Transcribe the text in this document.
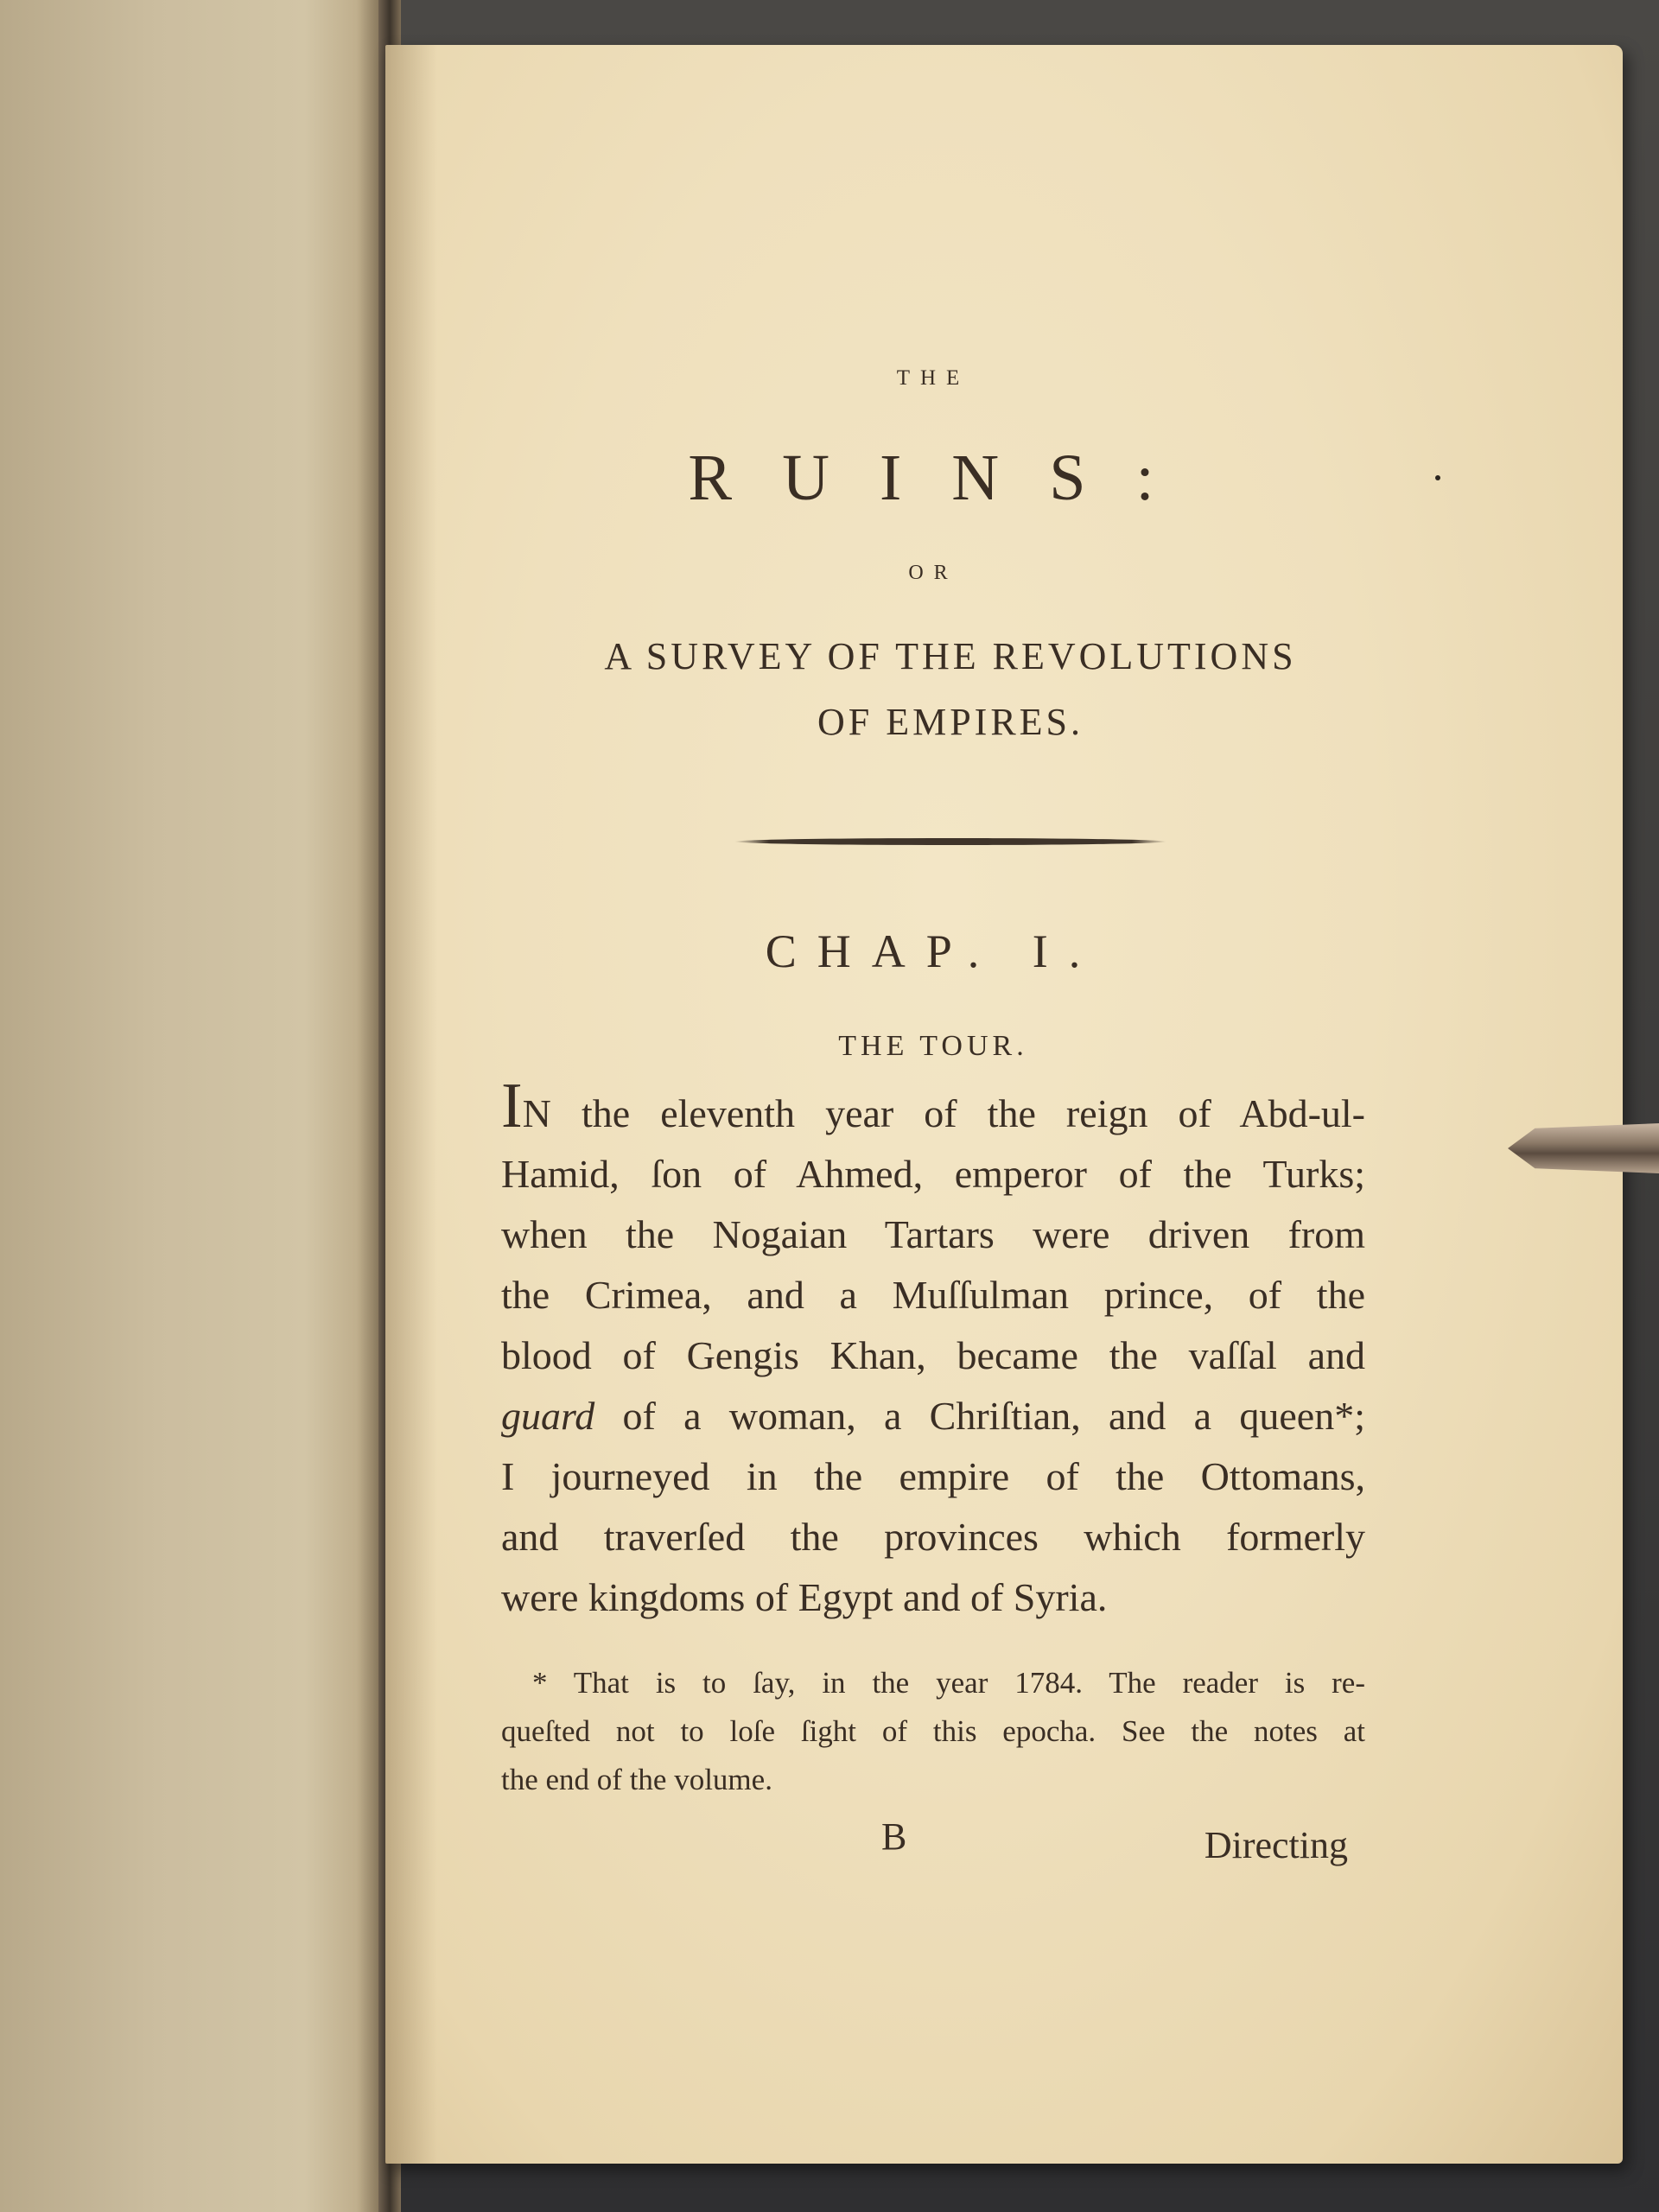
THE

RUINS:

OR

A SURVEY OF THE REVOLUTIONS
OF EMPIRES.
CHAP. I.
THE TOUR.
IN the eleventh year of the reign of Abd-ul-
Hamid, ſon of Ahmed, emperor of the Turks;
when the Nogaian Tartars were driven from
the Crimea, and a Muſſulman prince, of the
blood of Gengis Khan, became the vaſſal and
guard of a woman, a Chriſtian, and a queen*;
I journeyed in the empire of the Ottomans,
and traverſed the provinces which formerly
were kingdoms of Egypt and of Syria.
* That is to ſay, in the year 1784. The reader is re-
queſted not to loſe ſight of this epocha. See the notes at
the end of the volume.

B	Directing
